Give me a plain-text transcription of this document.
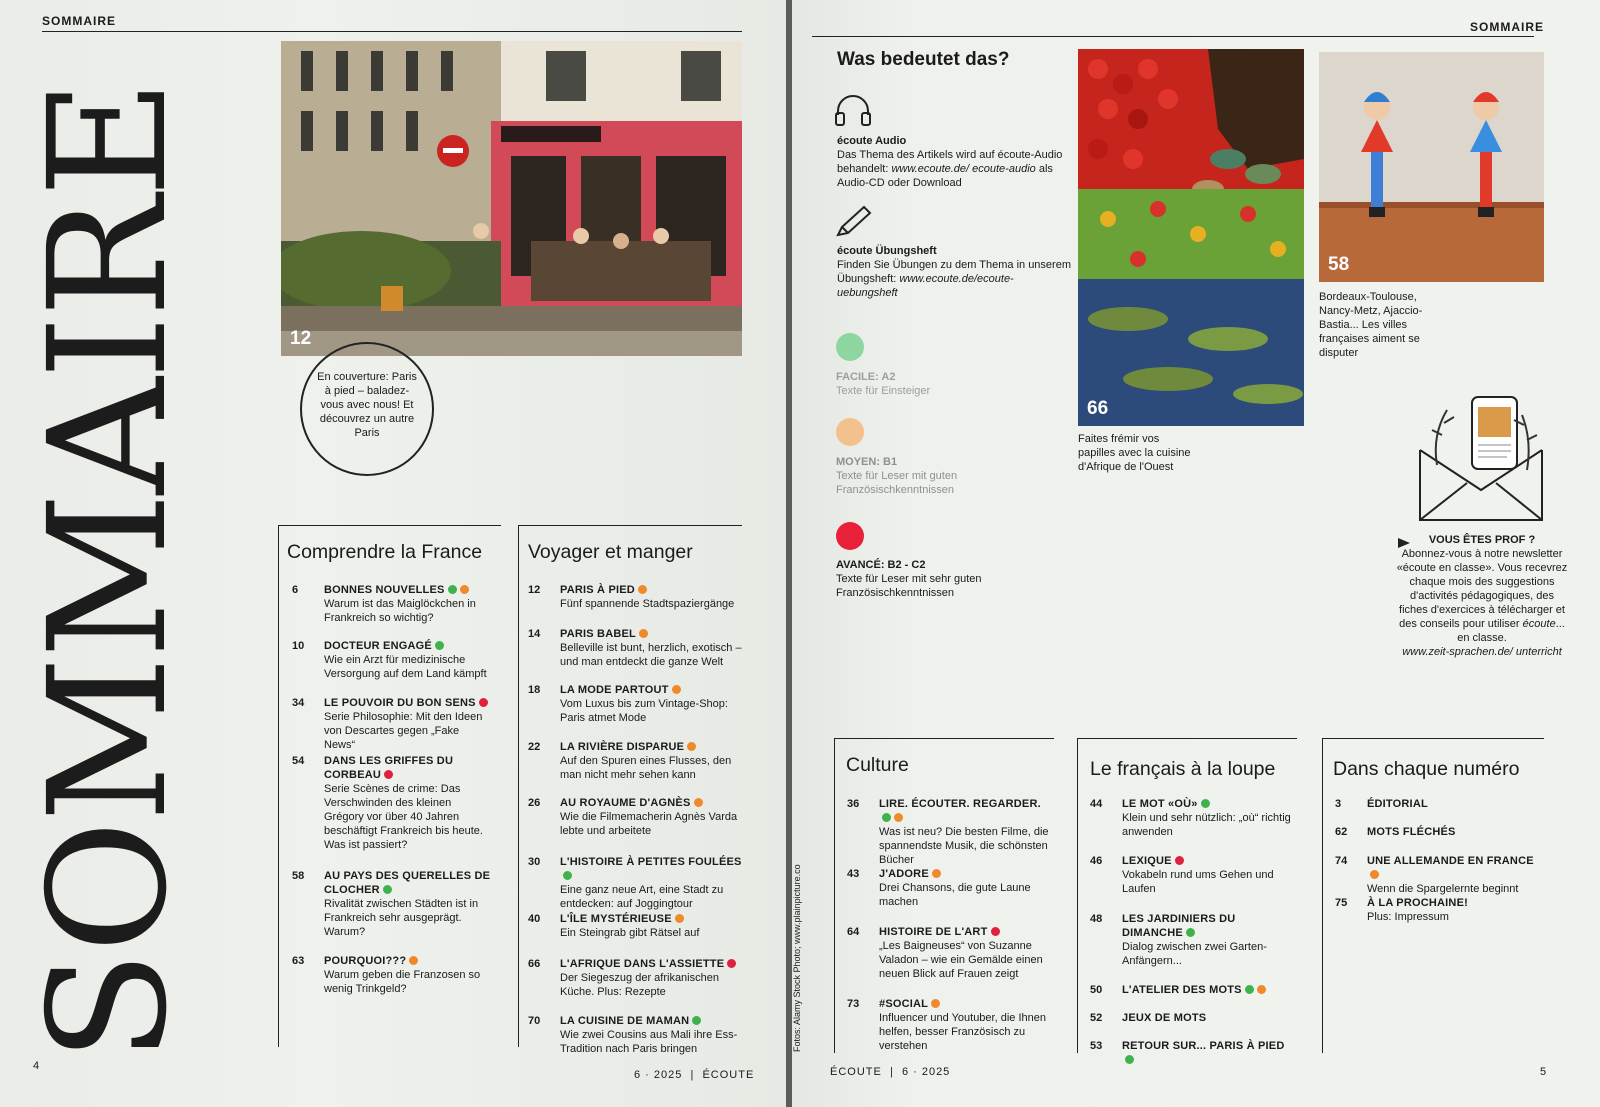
SOMMAIRE
SOMMAIRE	12
En couverture: Paris à pied – baladez-vous avec nous! Et découvrez un autre Paris
Comprendre la France
6 BONNES NOUVELLES
Warum ist das Maiglöckchen in Frankreich so wichtig?
10 DOCTEUR ENGAGÉ
Wie ein Arzt für medizinische Versorgung auf dem Land kämpft
34 LE POUVOIR DU BON SENS
Serie Philosophie: Mit den Ideen von Descartes gegen „Fake News“
54 DANS LES GRIFFES DU CORBEAU
Serie Scènes de crime: Das Verschwinden des kleinen Grégory vor über 40 Jahren beschäftigt Frankreich bis heute. Was ist passiert?
58 AU PAYS DES QUERELLES DE CLOCHER
Rivalität zwischen Städten ist in Frankreich sehr ausgeprägt. Warum?
63 POURQUOI???
Warum geben die Franzosen so wenig Trinkgeld?
Voyager et manger
12 PARIS À PIED
Fünf spannende Stadtspaziergänge
14 PARIS BABEL
Belleville ist bunt, herzlich, exotisch – und man entdeckt die ganze Welt
18 LA MODE PARTOUT
Vom Luxus bis zum Vintage-Shop: Paris atmet Mode
22 LA RIVIÈRE DISPARUE
Auf den Spuren eines Flusses, den man nicht mehr sehen kann
26 AU ROYAUME D'AGNÈS
Wie die Filmemacherin Agnès Varda lebte und arbeitete
30 L'HISTOIRE À PETITES FOULÉES
Eine ganz neue Art, eine Stadt zu entdecken: auf Joggingtour
40 L'ÎLE MYSTÉRIEUSE
Ein Steingrab gibt Rätsel auf
66 L'AFRIQUE DANS L'ASSIETTE
Der Siegeszug der afrikanischen Küche. Plus: Rezepte
70 LA CUISINE DE MAMAN
Wie zwei Cousins aus Mali ihre Ess-Tradition nach Paris bringen
4
6 · 2025  |  ÉCOUTE
SOMMAIRE
Was bedeutet das?
écoute Audio
Das Thema des Artikels wird auf écoute-Audio behandelt: www.ecoute.de/ ecoute-audio als Audio-CD oder Download
écoute Übungsheft
Finden Sie Übungen zu dem Thema in unserem Übungsheft: www.ecoute.de/ecoute-uebungsheft
FACILE: A2
Texte für Einsteiger
MOYEN: B1
Texte für Leser mit guten Französischkenntnissen
AVANCÉ: B2 - C2
Texte für Leser mit sehr guten Französischkenntnissen
66
Faites frémir vos papilles avec la cuisine d'Afrique de l'Ouest
58
Bordeaux-Toulouse, Nancy-Metz, Ajaccio-Bastia... Les villes françaises aiment se disputer
VOUS ÊTES PROF ?
Abonnez-vous à notre newsletter «écoute en classe». Vous recevrez chaque mois des suggestions d'activités pédagogiques, des fiches d'exercices à télécharger et des conseils pour utiliser écoute... en classe.
www.zeit-sprachen.de/ unterricht
Culture
36 LIRE. ÉCOUTER. REGARDER.
Was ist neu? Die besten Filme, die spannendste Musik, die schönsten Bücher
43 J'ADORE
Drei Chansons, die gute Laune machen
64 HISTOIRE DE L'ART
„Les Baigneuses“ von Suzanne Valadon – wie ein Gemälde einen neuen Blick auf Frauen zeigt
73 #SOCIAL
Influencer und Youtuber, die Ihnen helfen, besser Französisch zu verstehen
Le français à la loupe
44 LE MOT «OÙ»
Klein und sehr nützlich: „où“ richtig anwenden
46 LEXIQUE
Vokabeln rund ums Gehen und Laufen
48 LES JARDINIERS DU DIMANCHE
Dialog zwischen zwei Garten-Anfängern...
50 L'ATELIER DES MOTS
52 JEUX DE MOTS
53 RETOUR SUR... PARIS À PIED
Dans chaque numéro
3 ÉDITORIAL
62 MOTS FLÉCHÉS
74 UNE ALLEMANDE EN FRANCE
Wenn die Spargelernte beginnt
75 À LA PROCHAINE!
Plus: Impressum
ÉCOUTE  |  6 · 2025	5
Fotos: Alamy Stock Photo; www.plainpicture.co
